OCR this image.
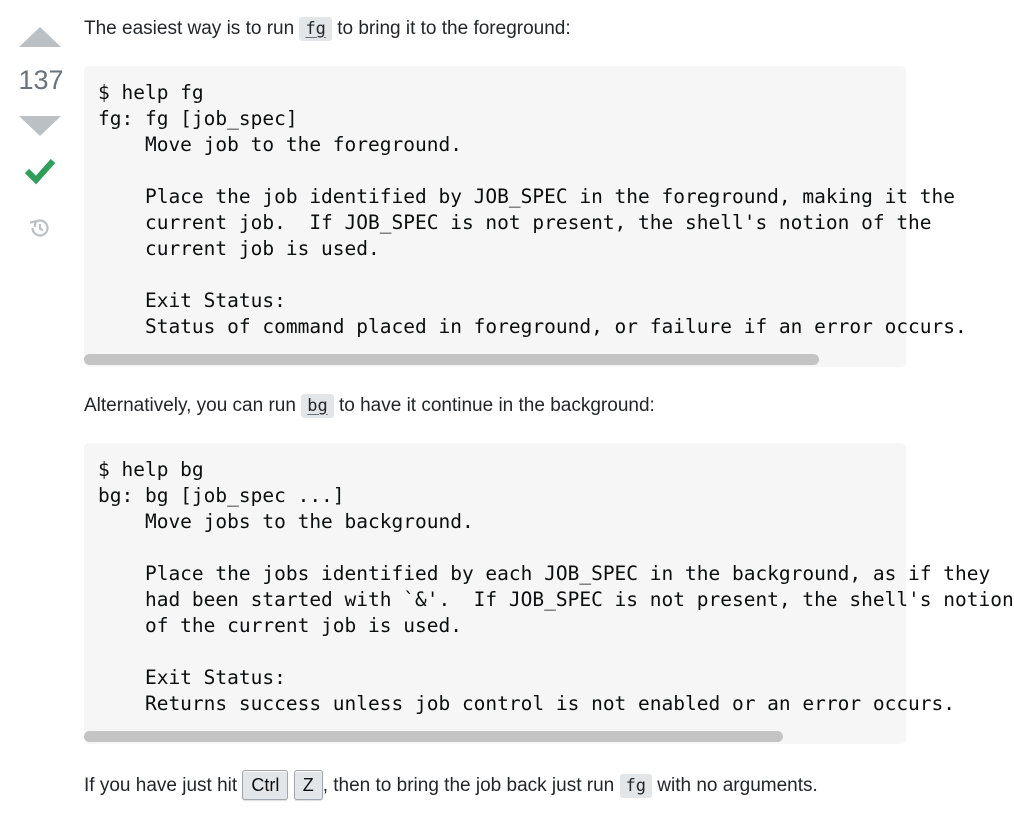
137

The easiest way is to run fg to bring it to the foreground:

$ help fg
fg: fg [job_spec]
Move job to the foreground.

Place the job identified by JOB_SPEC in the foreground, making it the
current job.  If JOB_SPEC is not present, the shell's notion of the
current job is used.

Exit Status:
Status of command placed in foreground, or failure if an error occurs.

Alternatively, you can run bg to have it continue in the background:

$ help bg
bg: bg [job_spec ...]
Move jobs to the background.

Place the jobs identified by each JOB_SPEC in the background, as if they
had been started with `&'.  If JOB_SPEC is not present, the shell's notion
of the current job is used.

Exit Status:
Returns success unless job control is not enabled or an error occurs.

If you have just hit Ctrl Z , then to bring the job back just run fg with no arguments.
